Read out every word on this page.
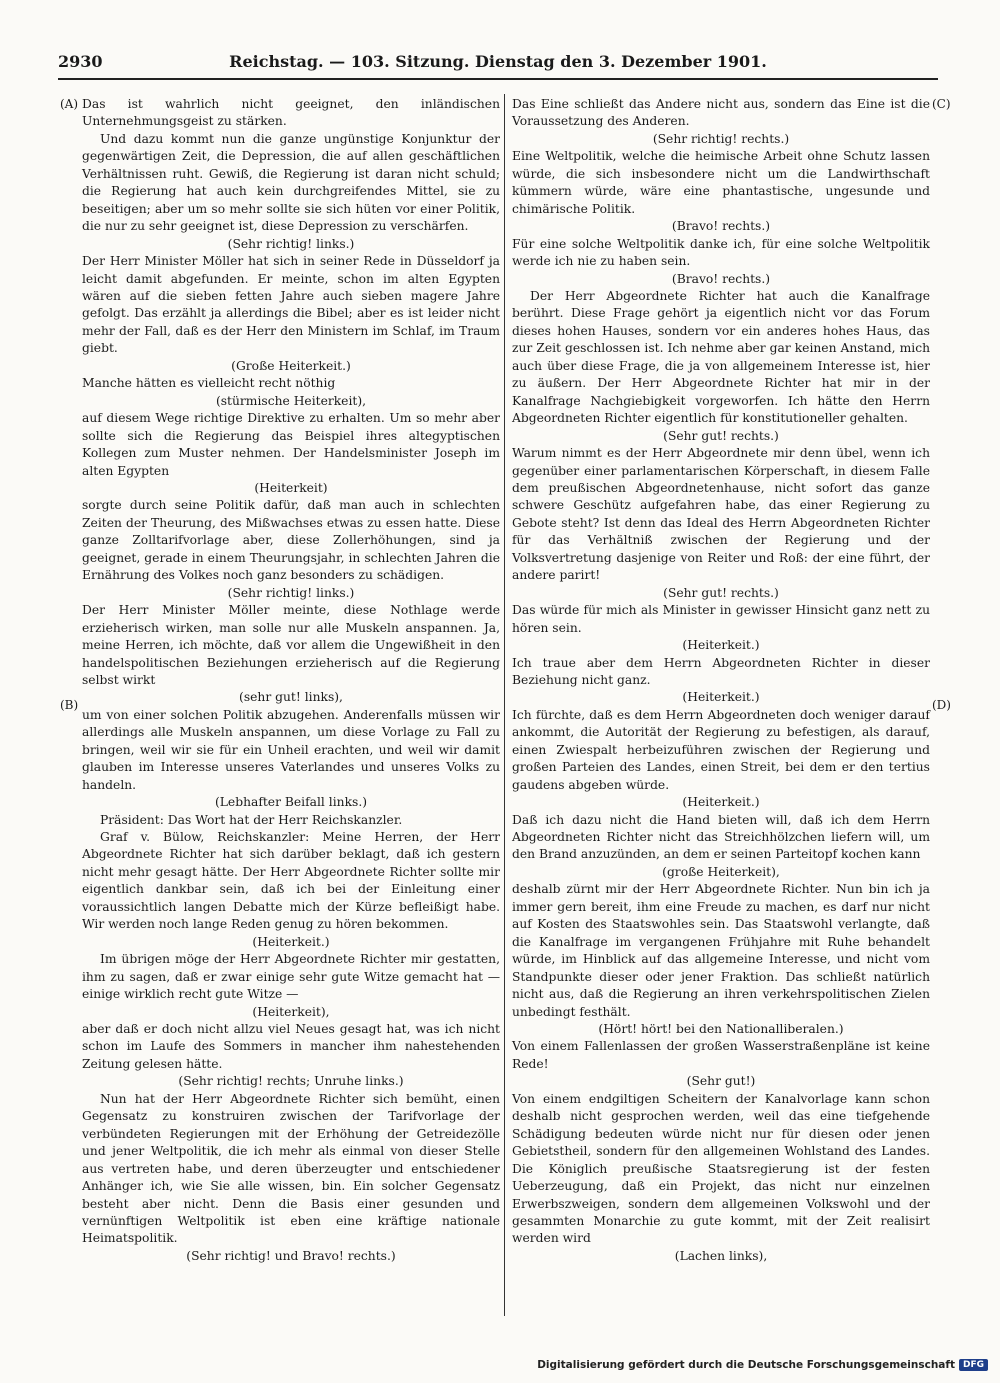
2930	Reichstag. — 103. Sitzung. Dienstag den 3. Dezember 1901.
(A)
(B)
(C)
(D)

Das ist wahrlich nicht geeignet, den inländischen Unternehmungsgeist zu stärken.

Und dazu kommt nun die ganze ungünstige Konjunktur der gegenwärtigen Zeit, die Depression, die auf allen geschäftlichen Verhältnissen ruht. Gewiß, die Regierung ist daran nicht schuld; die Regierung hat auch kein durchgreifendes Mittel, sie zu beseitigen; aber um so mehr sollte sie sich hüten vor einer Politik, die nur zu sehr geeignet ist, diese Depression zu verschärfen.

(Sehr richtig! links.)

Der Herr Minister Möller hat sich in seiner Rede in Düsseldorf ja leicht damit abgefunden. Er meinte, schon im alten Egypten wären auf die sieben fetten Jahre auch sieben magere Jahre gefolgt. Das erzählt ja allerdings die Bibel; aber es ist leider nicht mehr der Fall, daß es der Herr den Ministern im Schlaf, im Traum giebt.

(Große Heiterkeit.)

Manche hätten es vielleicht recht nöthig

(stürmische Heiterkeit),

auf diesem Wege richtige Direktive zu erhalten. Um so mehr aber sollte sich die Regierung das Beispiel ihres altegyptischen Kollegen zum Muster nehmen. Der Handelsminister Joseph im alten Egypten

(Heiterkeit)

sorgte durch seine Politik dafür, daß man auch in schlechten Zeiten der Theurung, des Mißwachses etwas zu essen hatte. Diese ganze Zolltarifvorlage aber, diese Zollerhöhungen, sind ja geeignet, gerade in einem Theurungsjahr, in schlechten Jahren die Ernährung des Volkes noch ganz besonders zu schädigen.

(Sehr richtig! links.)

Der Herr Minister Möller meinte, diese Nothlage werde erzieherisch wirken, man solle nur alle Muskeln anspannen. Ja, meine Herren, ich möchte, daß vor allem die Ungewißheit in den handelspolitischen Beziehungen erzieherisch auf die Regierung selbst wirkt

(sehr gut! links),

um von einer solchen Politik abzugehen. Anderenfalls müssen wir allerdings alle Muskeln anspannen, um diese Vorlage zu Fall zu bringen, weil wir sie für ein Unheil erachten, und weil wir damit glauben im Interesse unseres Vaterlandes und unseres Volks zu handeln.

(Lebhafter Beifall links.)

Präsident: Das Wort hat der Herr Reichskanzler.

Graf v. Bülow, Reichskanzler: Meine Herren, der Herr Abgeordnete Richter hat sich darüber beklagt, daß ich gestern nicht mehr gesagt hätte. Der Herr Abgeordnete Richter sollte mir eigentlich dankbar sein, daß ich bei der Einleitung einer voraussichtlich langen Debatte mich der Kürze befleißigt habe. Wir werden noch lange Reden genug zu hören bekommen.

(Heiterkeit.)

Im übrigen möge der Herr Abgeordnete Richter mir gestatten, ihm zu sagen, daß er zwar einige sehr gute Witze gemacht hat — einige wirklich recht gute Witze —

(Heiterkeit),

aber daß er doch nicht allzu viel Neues gesagt hat, was ich nicht schon im Laufe des Sommers in mancher ihm nahestehenden Zeitung gelesen hätte.

(Sehr richtig! rechts; Unruhe links.)

Nun hat der Herr Abgeordnete Richter sich bemüht, einen Gegensatz zu konstruiren zwischen der Tarifvorlage der verbündeten Regierungen mit der Erhöhung der Getreidezölle und jener Weltpolitik, die ich mehr als einmal von dieser Stelle aus vertreten habe, und deren überzeugter und entschiedener Anhänger ich, wie Sie alle wissen, bin. Ein solcher Gegensatz besteht aber nicht. Denn die Basis einer gesunden und vernünftigen Weltpolitik ist eben eine kräftige nationale Heimatspolitik.

(Sehr richtig! und Bravo! rechts.)

Das Eine schließt das Andere nicht aus, sondern das Eine ist die Voraussetzung des Anderen.

(Sehr richtig! rechts.)

Eine Weltpolitik, welche die heimische Arbeit ohne Schutz lassen würde, die sich insbesondere nicht um die Landwirthschaft kümmern würde, wäre eine phantastische, ungesunde und chimärische Politik.

(Bravo! rechts.)

Für eine solche Weltpolitik danke ich, für eine solche Weltpolitik werde ich nie zu haben sein.

(Bravo! rechts.)

Der Herr Abgeordnete Richter hat auch die Kanalfrage berührt. Diese Frage gehört ja eigentlich nicht vor das Forum dieses hohen Hauses, sondern vor ein anderes hohes Haus, das zur Zeit geschlossen ist. Ich nehme aber gar keinen Anstand, mich auch über diese Frage, die ja von allgemeinem Interesse ist, hier zu äußern. Der Herr Abgeordnete Richter hat mir in der Kanalfrage Nachgiebigkeit vorgeworfen. Ich hätte den Herrn Abgeordneten Richter eigentlich für konstitutioneller gehalten.

(Sehr gut! rechts.)

Warum nimmt es der Herr Abgeordnete mir denn übel, wenn ich gegenüber einer parlamentarischen Körperschaft, in diesem Falle dem preußischen Abgeordnetenhause, nicht sofort das ganze schwere Geschütz aufgefahren habe, das einer Regierung zu Gebote steht? Ist denn das Ideal des Herrn Abgeordneten Richter für das Verhältniß zwischen der Regierung und der Volksvertretung dasjenige von Reiter und Roß: der eine führt, der andere parirt!

(Sehr gut! rechts.)

Das würde für mich als Minister in gewisser Hinsicht ganz nett zu hören sein.

(Heiterkeit.)

Ich traue aber dem Herrn Abgeordneten Richter in dieser Beziehung nicht ganz.

(Heiterkeit.)

Ich fürchte, daß es dem Herrn Abgeordneten doch weniger darauf ankommt, die Autorität der Regierung zu befestigen, als darauf, einen Zwiespalt herbeizuführen zwischen der Regierung und großen Parteien des Landes, einen Streit, bei dem er den tertius gaudens abgeben würde.

(Heiterkeit.)

Daß ich dazu nicht die Hand bieten will, daß ich dem Herrn Abgeordneten Richter nicht das Streichhölzchen liefern will, um den Brand anzuzünden, an dem er seinen Parteitopf kochen kann

(große Heiterkeit),

deshalb zürnt mir der Herr Abgeordnete Richter. Nun bin ich ja immer gern bereit, ihm eine Freude zu machen, es darf nur nicht auf Kosten des Staatswohles sein. Das Staatswohl verlangte, daß die Kanalfrage im vergangenen Frühjahre mit Ruhe behandelt würde, im Hinblick auf das allgemeine Interesse, und nicht vom Standpunkte dieser oder jener Fraktion. Das schließt natürlich nicht aus, daß die Regierung an ihren verkehrspolitischen Zielen unbedingt festhält.

(Hört! hört! bei den Nationalliberalen.)

Von einem Fallenlassen der großen Wasserstraßenpläne ist keine Rede!

(Sehr gut!)

Von einem endgiltigen Scheitern der Kanalvorlage kann schon deshalb nicht gesprochen werden, weil das eine tiefgehende Schädigung bedeuten würde nicht nur für diesen oder jenen Gebietstheil, sondern für den allgemeinen Wohlstand des Landes. Die Königlich preußische Staatsregierung ist der festen Ueberzeugung, daß ein Projekt, das nicht nur einzelnen Erwerbszweigen, sondern dem allgemeinen Volkswohl und der gesammten Monarchie zu gute kommt, mit der Zeit realisirt werden wird

(Lachen links),

Digitalisierung gefördert durch die Deutsche Forschungsgemeinschaft DFG
